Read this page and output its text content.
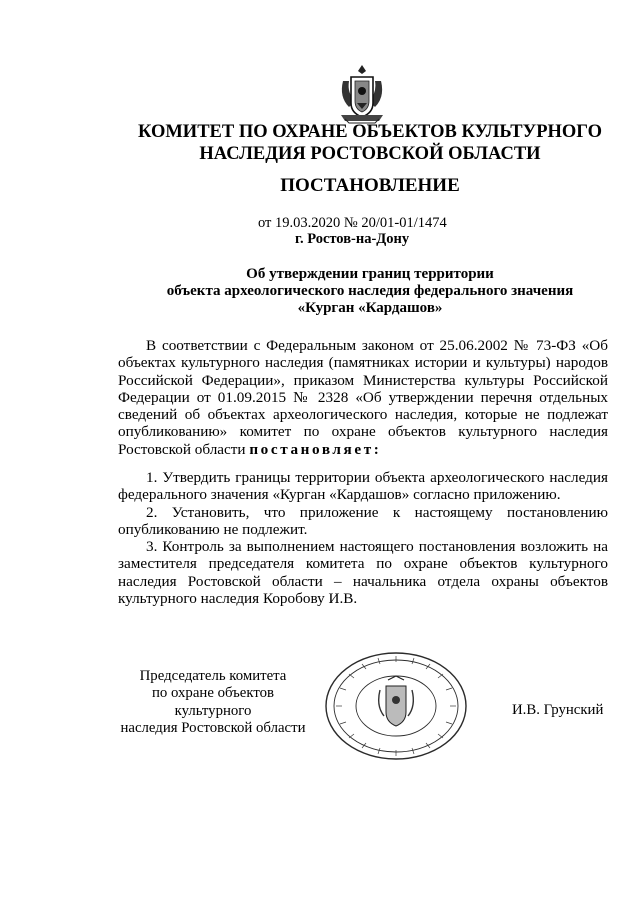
КОМИТЕТ ПО ОХРАНЕ ОБЪЕКТОВ КУЛЬТУРНОГО
НАСЛЕДИЯ РОСТОВСКОЙ ОБЛАСТИ
ПОСТАНОВЛЕНИЕ

от 19.03.2020 № 20/01-01/1474

г. Ростов-на-Дону

Об утверждении границ территории

объекта археологического наследия федерального значения

«Курган «Кардашов»

В соответствии с Федеральным законом от 25.06.2002 № 73-ФЗ «Об объектах культурного наследия (памятниках истории и культуры) народов Российской Федерации», приказом Министерства культуры Российской Федерации от 01.09.2015 № 2328 «Об утверждении перечня отдельных сведений об объектах археологического наследия, которые не подлежат опубликованию» комитет по охране объектов культурного наследия Ростовской области постановляет:

1. Утвердить границы территории объекта археологического наследия федерального значения «Курган «Кардашов» согласно приложению.

2. Установить, что приложение к настоящему постановлению опубликованию не подлежит.

3. Контроль за выполнением настоящего постановления возложить на заместителя председателя комитета по охране объектов культурного наследия Ростовской области – начальника отдела охраны объектов культурного наследия Коробову И.В.

Председатель комитета
по охране объектов культурного
наследия Ростовской области

И.В. Грунский
